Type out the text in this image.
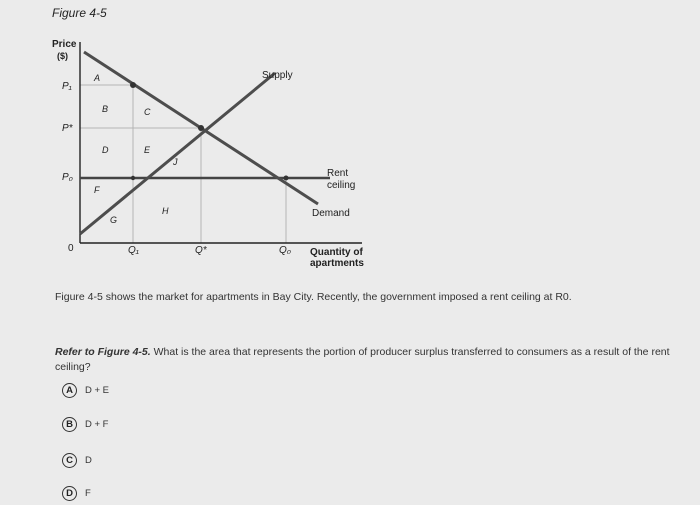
Figure 4-5
Price
($)
0	Quantity of
apartments
P₁
P*
P₀
Q₁	Q*	Q₀
Supply
Demand
Rent
ceiling
A
B	C
D	E
F
G
H
J
Figure 4-5 shows the market for apartments in Bay City. Recently, the government imposed a rent ceiling at R0.
Refer to Figure 4-5. What is the area that represents the portion of producer surplus transferred to consumers as a result of the rent ceiling?
A	D + E
B	D + F
C	D
D	F
